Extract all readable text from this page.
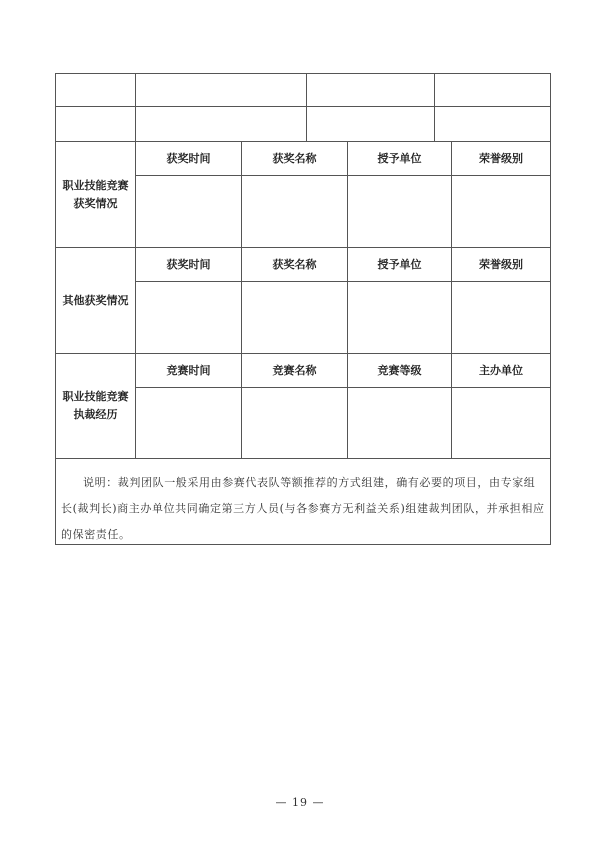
职业技能竞赛获奖情况
获奖时间	获奖名称	授予单位	荣誉级别
其他获奖情况
获奖时间	获奖名称	授予单位	荣誉级别
职业技能竞赛执裁经历
竞赛时间	竞赛名称	竞赛等级	主办单位
说明：裁判团队一般采用由参赛代表队等额推荐的方式组建，确有必要的项目，由专家组长(裁判长)商主办单位共同确定第三方人员(与各参赛方无利益关系)组建裁判团队，并承担相应的保密责任。
— 19 —
